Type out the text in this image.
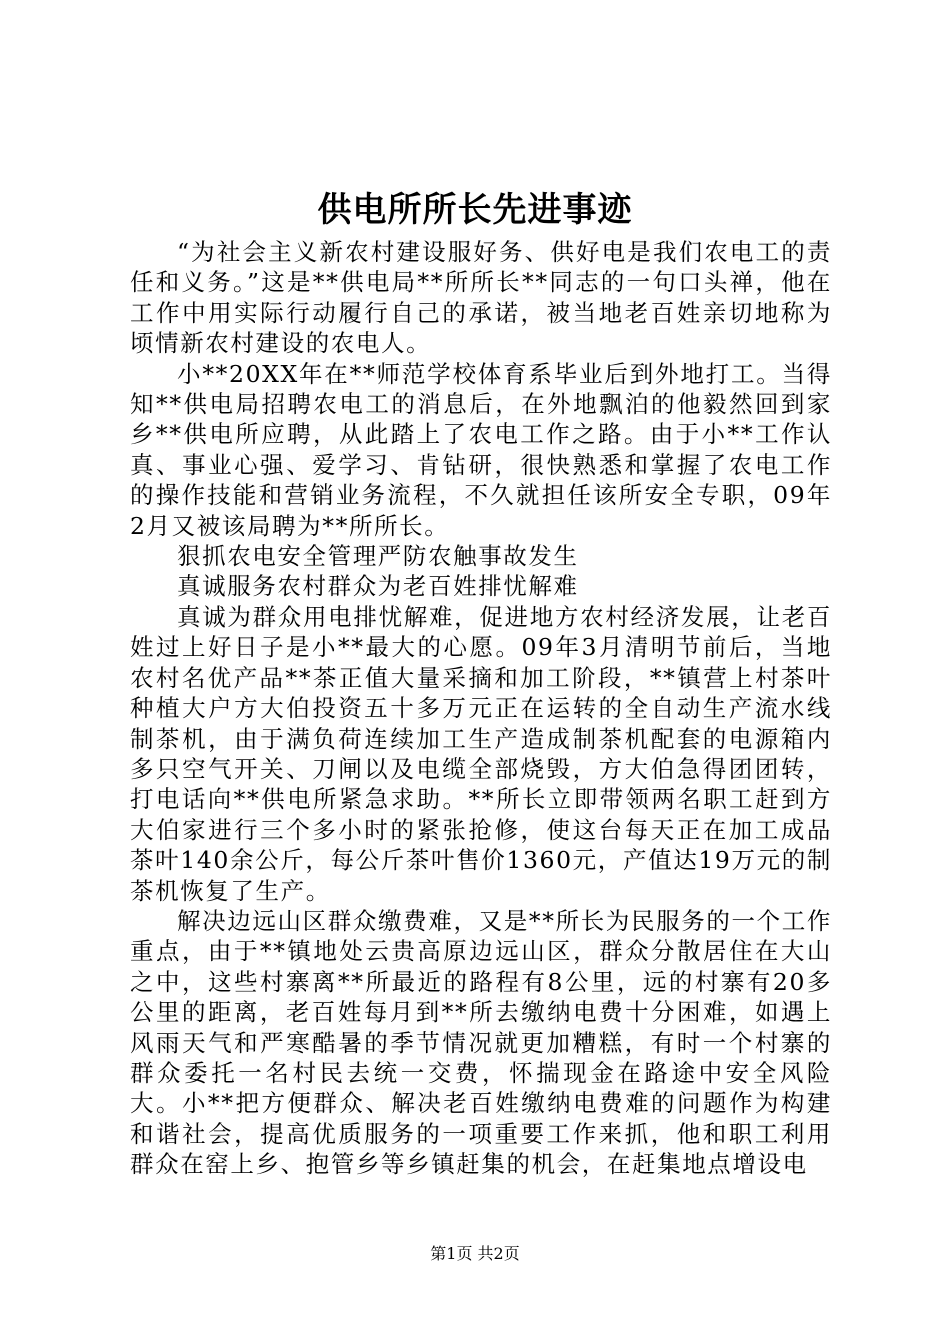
供电所所长先进事迹

“为社会主义新农村建设服好务、供好电是我们农电工的责任和义务。”这是**供电局**所所长**同志的一句口头禅，他在工作中用实际行动履行自己的承诺，被当地老百姓亲切地称为顷情新农村建设的农电人。

小**20XX年在**师范学校体育系毕业后到外地打工。当得知**供电局招聘农电工的消息后，在外地飘泊的他毅然回到家乡**供电所应聘，从此踏上了农电工作之路。由于小**工作认真、事业心强、爱学习、肯钻研，很快熟悉和掌握了农电工作的操作技能和营销业务流程，不久就担任该所安全专职，09年2月又被该局聘为**所所长。

狠抓农电安全管理严防农触事故发生

真诚服务农村群众为老百姓排忧解难

真诚为群众用电排忧解难，促进地方农村经济发展，让老百姓过上好日子是小**最大的心愿。09年3月清明节前后，当地农村名优产品**茶正值大量采摘和加工阶段，**镇营上村茶叶种植大户方大伯投资五十多万元正在运转的全自动生产流水线制茶机，由于满负荷连续加工生产造成制茶机配套的电源箱内多只空气开关、刀闸以及电缆全部烧毁，方大伯急得团团转，打电话向**供电所紧急求助。**所长立即带领两名职工赶到方大伯家进行三个多小时的紧张抢修，使这台每天正在加工成品茶叶140余公斤，每公斤茶叶售价1360元，产值达19万元的制茶机恢复了生产。

解决边远山区群众缴费难，又是**所长为民服务的一个工作重点，由于**镇地处云贵高原边远山区，群众分散居住在大山之中，这些村寨离**所最近的路程有8公里，远的村寨有20多公里的距离，老百姓每月到**所去缴纳电费十分困难，如遇上风雨天气和严寒酷暑的季节情况就更加糟糕，有时一个村寨的群众委托一名村民去统一交费，怀揣现金在路途中安全风险大。小**把方便群众、解决老百姓缴纳电费难的问题作为构建和谐社会，提高优质服务的一项重要工作来抓，他和职工利用群众在窑上乡、抱管乡等乡镇赶集的机会，在赶集地点增设电

第1页 共2页
